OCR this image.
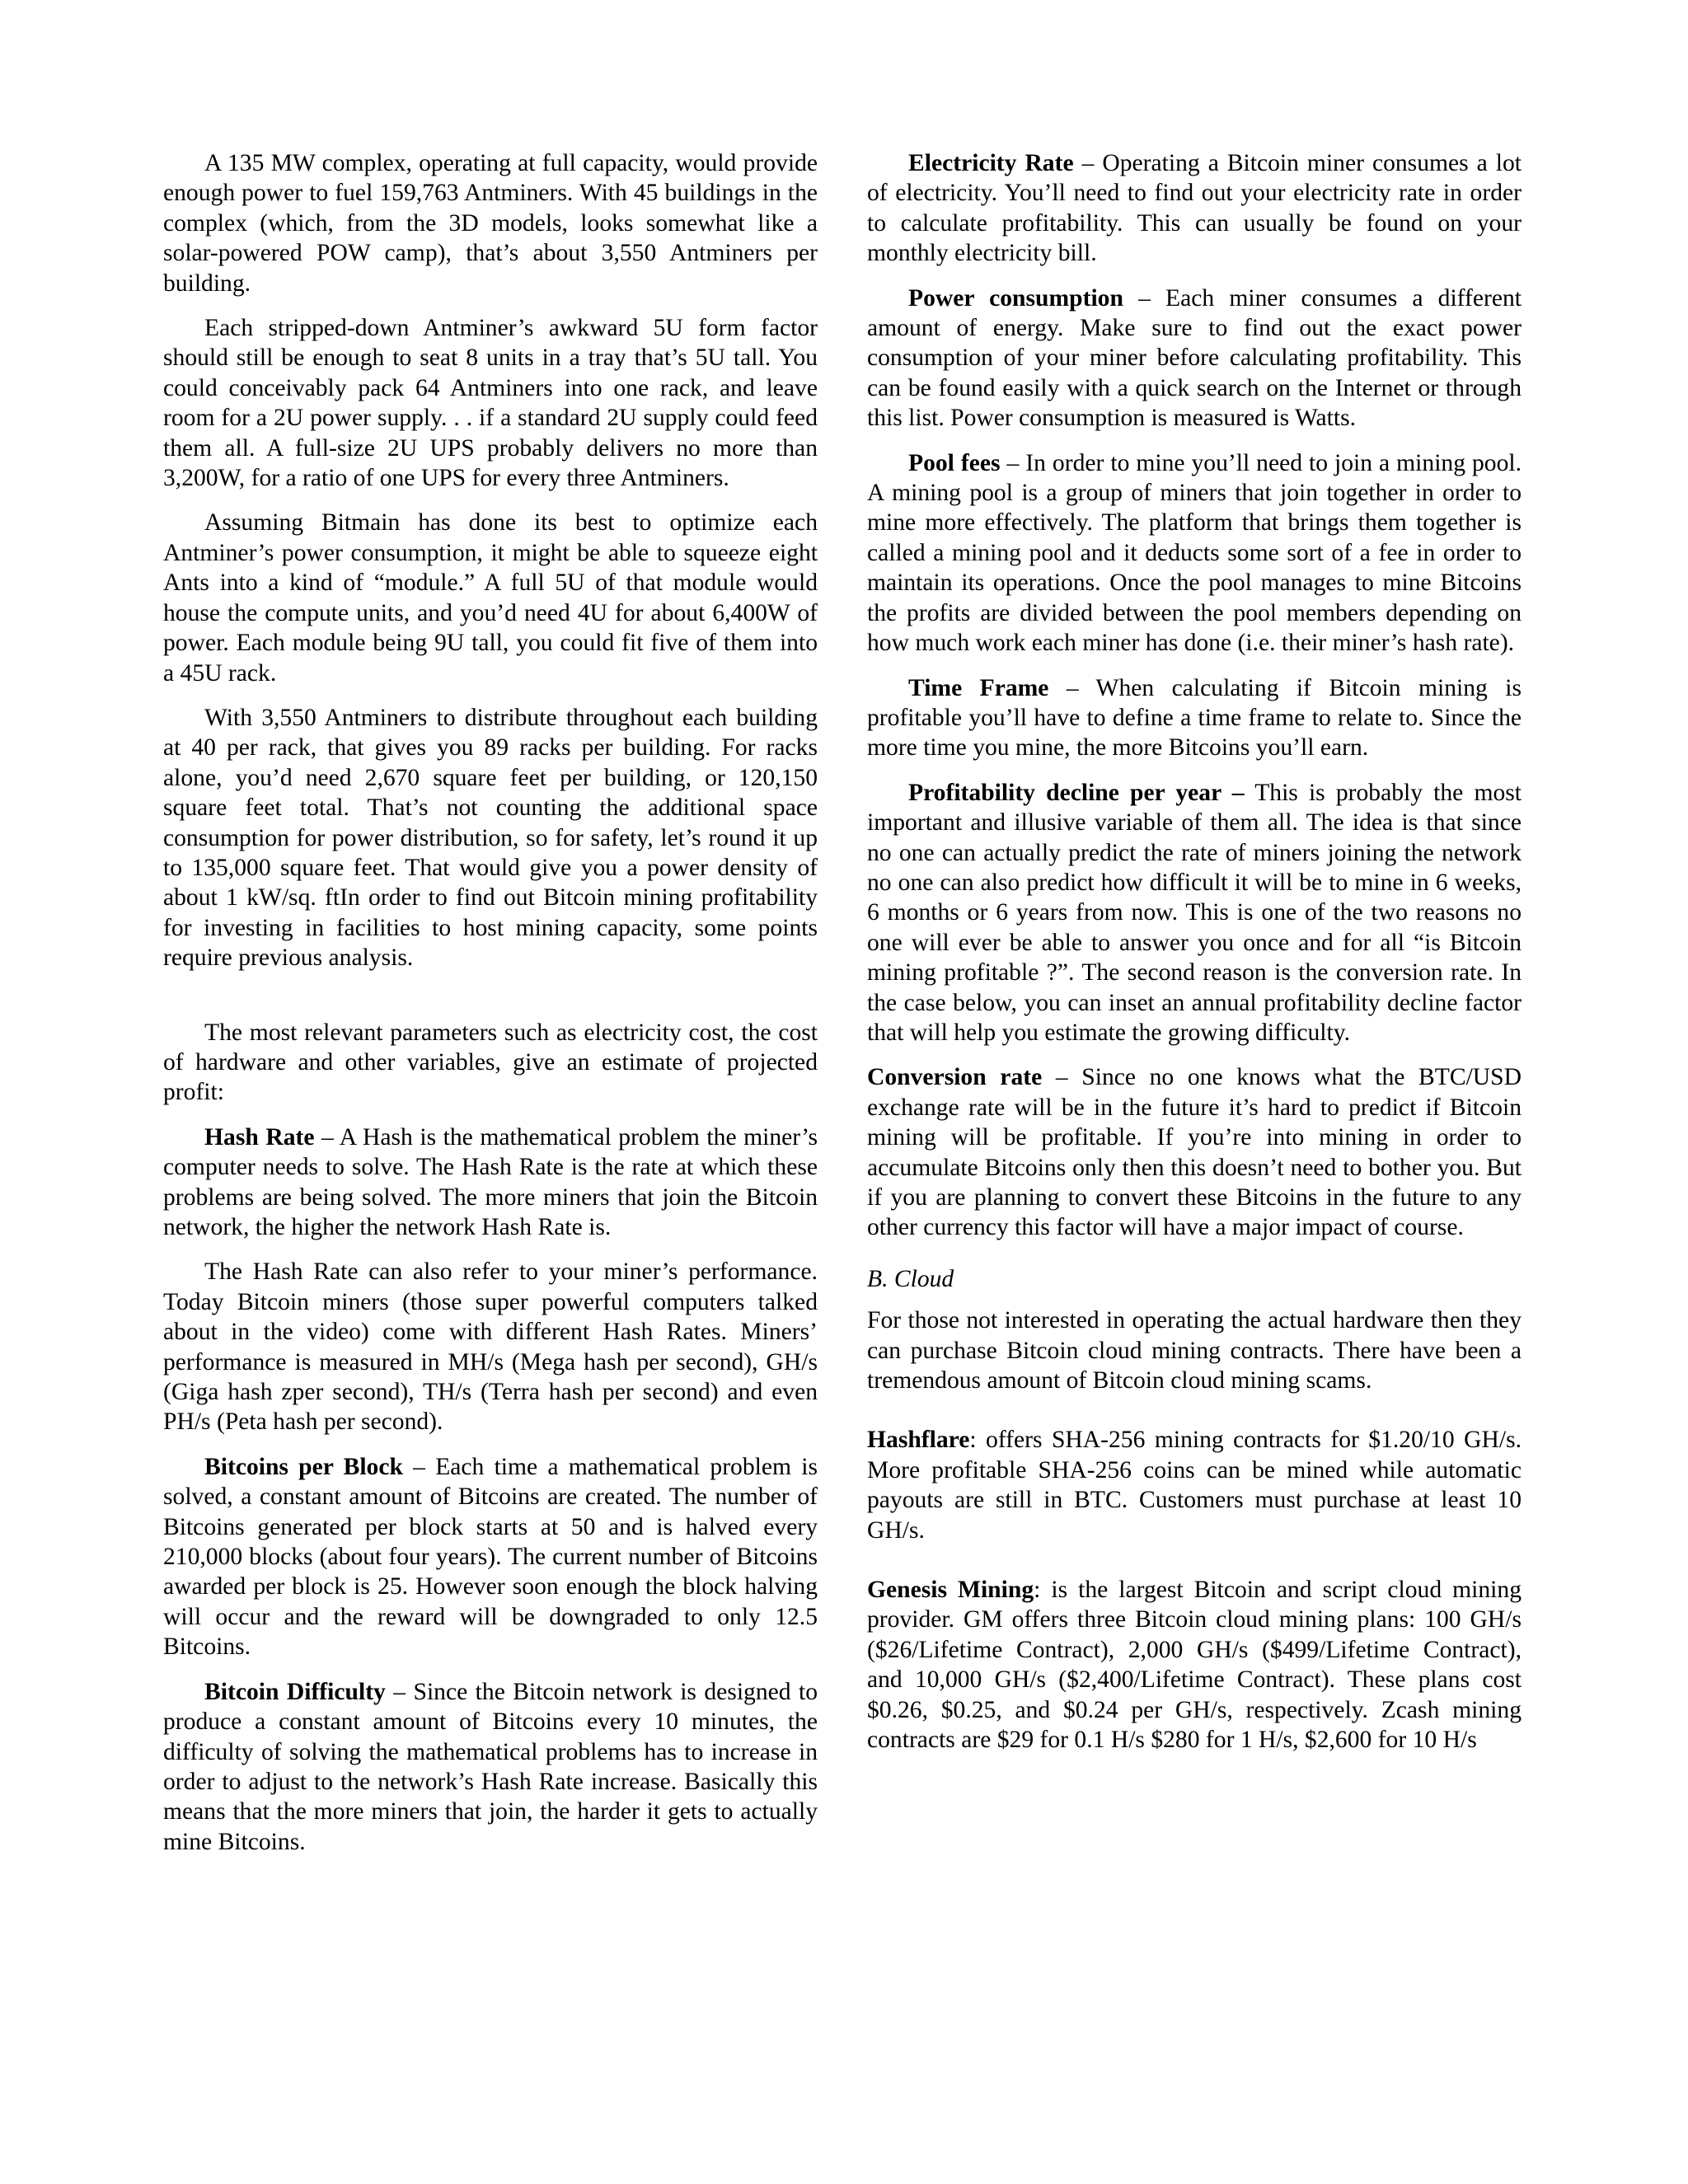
A 135 MW complex, operating at full capacity, would provide enough power to fuel 159,763 Antminers. With 45 buildings in the complex (which, from the 3D models, looks somewhat like a solar-powered POW camp), that’s about 3,550 Antminers per building.

Each stripped-down Antminer’s awkward 5U form factor should still be enough to seat 8 units in a tray that’s 5U tall. You could conceivably pack 64 Antminers into one rack, and leave room for a 2U power supply. . . if a standard 2U supply could feed them all. A full-size 2U UPS probably delivers no more than 3,200W, for a ratio of one UPS for every three Antminers.

Assuming Bitmain has done its best to optimize each Antminer’s power consumption, it might be able to squeeze eight Ants into a kind of “module.” A full 5U of that module would house the compute units, and you’d need 4U for about 6,400W of power. Each module being 9U tall, you could fit five of them into a 45U rack.

With 3,550 Antminers to distribute throughout each building at 40 per rack, that gives you 89 racks per building. For racks alone, you’d need 2,670 square feet per building, or 120,150 square feet total. That’s not counting the additional space consumption for power distribution, so for safety, let’s round it up to 135,000 square feet. That would give you a power density of about 1 kW/sq. ftIn order to find out Bitcoin mining profitability for investing in facilities to host mining capacity, some points require previous analysis.

The most relevant parameters such as electricity cost, the cost of hardware and other variables, give an estimate of projected profit:

Hash Rate – A Hash is the mathematical problem the miner’s computer needs to solve. The Hash Rate is the rate at which these problems are being solved. The more miners that join the Bitcoin network, the higher the network Hash Rate is.

The Hash Rate can also refer to your miner’s performance. Today Bitcoin miners (those super powerful computers talked about in the video) come with different Hash Rates. Miners’ performance is measured in MH/s (Mega hash per second), GH/s (Giga hash zper second), TH/s (Terra hash per second) and even PH/s (Peta hash per second).

Bitcoins per Block – Each time a mathematical problem is solved, a constant amount of Bitcoins are created. The number of Bitcoins generated per block starts at 50 and is halved every 210,000 blocks (about four years). The current number of Bitcoins awarded per block is 25. However soon enough the block halving will occur and the reward will be downgraded to only 12.5 Bitcoins.

Bitcoin Difficulty – Since the Bitcoin network is designed to produce a constant amount of Bitcoins every 10 minutes, the difficulty of solving the mathematical problems has to increase in order to adjust to the network’s Hash Rate increase. Basically this means that the more miners that join, the harder it gets to actually mine Bitcoins.

Electricity Rate – Operating a Bitcoin miner consumes a lot of electricity. You’ll need to find out your electricity rate in order to calculate profitability. This can usually be found on your monthly electricity bill.

Power consumption – Each miner consumes a different amount of energy. Make sure to find out the exact power consumption of your miner before calculating profitability. This can be found easily with a quick search on the Internet or through this list. Power consumption is measured is Watts.

Pool fees – In order to mine you’ll need to join a mining pool. A mining pool is a group of miners that join together in order to mine more effectively. The platform that brings them together is called a mining pool and it deducts some sort of a fee in order to maintain its operations. Once the pool manages to mine Bitcoins the profits are divided between the pool members depending on how much work each miner has done (i.e. their miner’s hash rate).

Time Frame – When calculating if Bitcoin mining is profitable you’ll have to define a time frame to relate to. Since the more time you mine, the more Bitcoins you’ll earn.

Profitability decline per year – This is probably the most important and illusive variable of them all. The idea is that since no one can actually predict the rate of miners joining the network no one can also predict how difficult it will be to mine in 6 weeks, 6 months or 6 years from now. This is one of the two reasons no one will ever be able to answer you once and for all “is Bitcoin mining profitable ?”. The second reason is the conversion rate. In the case below, you can inset an annual profitability decline factor that will help you estimate the growing difficulty.

Conversion rate – Since no one knows what the BTC/USD exchange rate will be in the future it’s hard to predict if Bitcoin mining will be profitable. If you’re into mining in order to accumulate Bitcoins only then this doesn’t need to bother you. But if you are planning to convert these Bitcoins in the future to any other currency this factor will have a major impact of course.

B. Cloud

For those not interested in operating the actual hardware then they can purchase Bitcoin cloud mining contracts. There have been a tremendous amount of Bitcoin cloud mining scams.

Hashflare: offers SHA-256 mining contracts for $1.20/10 GH/s. More profitable SHA-256 coins can be mined while automatic payouts are still in BTC. Customers must purchase at least 10 GH/s.

Genesis Mining: is the largest Bitcoin and script cloud mining provider. GM offers three Bitcoin cloud mining plans: 100 GH/s ($26/Lifetime Contract), 2,000 GH/s ($499/Lifetime Contract), and 10,000 GH/s ($2,400/Lifetime Contract). These plans cost $0.26, $0.25, and $0.24 per GH/s, respectively. Zcash mining contracts are $29 for 0.1 H/s $280 for 1 H/s, $2,600 for 10 H/s
